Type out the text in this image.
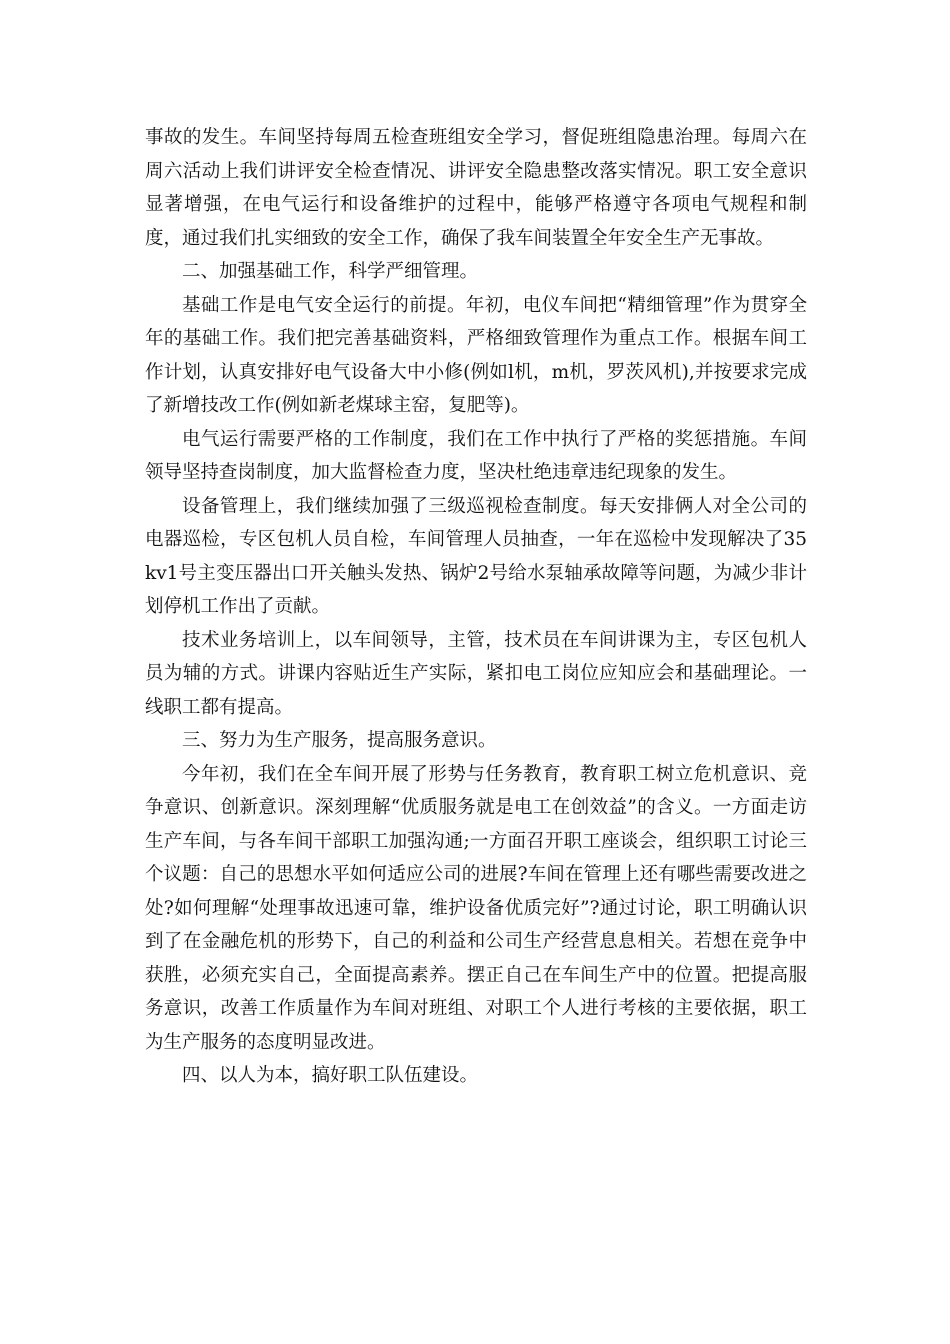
事故的发生。车间坚持每周五检查班组安全学习，督促班组隐患治理。每周六在周六活动上我们讲评安全检查情况、讲评安全隐患整改落实情况。职工安全意识显著增强，在电气运行和设备维护的过程中，能够严格遵守各项电气规程和制度，通过我们扎实细致的安全工作，确保了我车间装置全年安全生产无事故。

二、加强基础工作，科学严细管理。

基础工作是电气安全运行的前提。年初，电仪车间把“精细管理”作为贯穿全年的基础工作。我们把完善基础资料，严格细致管理作为重点工作。根据车间工作计划，认真安排好电气设备大中小修(例如l机，m机，罗茨风机),并按要求完成了新增技改工作(例如新老煤球主窑，复肥等)。

电气运行需要严格的工作制度，我们在工作中执行了严格的奖惩措施。车间领导坚持查岗制度，加大监督检查力度，坚决杜绝违章违纪现象的发生。

设备管理上，我们继续加强了三级巡视检查制度。每天安排俩人对全公司的电器巡检，专区包机人员自检，车间管理人员抽查，一年在巡检中发现解决了35kv1号主变压器出口开关触头发热、锅炉2号给水泵轴承故障等问题，为减少非计划停机工作出了贡献。

技术业务培训上，以车间领导，主管，技术员在车间讲课为主，专区包机人员为辅的方式。讲课内容贴近生产实际，紧扣电工岗位应知应会和基础理论。一线职工都有提高。

三、努力为生产服务，提高服务意识。

今年初，我们在全车间开展了形势与任务教育，教育职工树立危机意识、竞争意识、创新意识。深刻理解“优质服务就是电工在创效益”的含义。一方面走访生产车间，与各车间干部职工加强沟通;一方面召开职工座谈会，组织职工讨论三个议题：自己的思想水平如何适应公司的进展?车间在管理上还有哪些需要改进之处?如何理解“处理事故迅速可靠，维护设备优质完好”?通过讨论，职工明确认识到了在金融危机的形势下，自己的利益和公司生产经营息息相关。若想在竞争中获胜，必须充实自己，全面提高素养。摆正自己在车间生产中的位置。把提高服务意识，改善工作质量作为车间对班组、对职工个人进行考核的主要依据，职工为生产服务的态度明显改进。

四、以人为本，搞好职工队伍建设。
